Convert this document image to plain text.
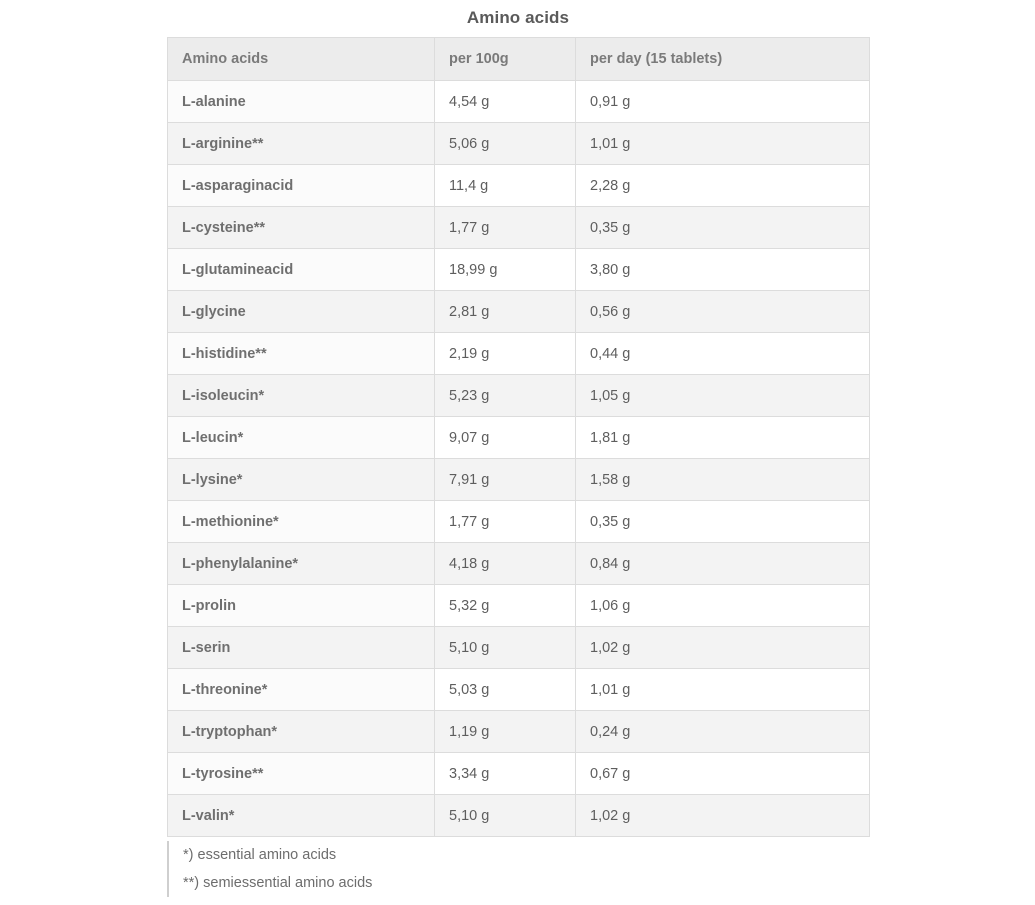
Amino acids
Amino acids	per 100g	per day (15 tablets)
L-alanine	4,54 g	0,91 g
L-arginine**	5,06 g	1,01 g
L-asparaginacid	11,4 g	2,28 g
L-cysteine**	1,77 g	0,35 g
L-glutamineacid	18,99 g	3,80 g
L-glycine	2,81 g	0,56 g
L-histidine**	2,19 g	0,44 g
L-isoleucin*	5,23 g	1,05 g
L-leucin*	9,07 g	1,81 g
L-lysine*	7,91 g	1,58 g
L-methionine*	1,77 g	0,35 g
L-phenylalanine*	4,18 g	0,84 g
L-prolin	5,32 g	1,06 g
L-serin	5,10 g	1,02 g
L-threonine*	5,03 g	1,01 g
L-tryptophan*	1,19 g	0,24 g
L-tyrosine**	3,34 g	0,67 g
L-valin*	5,10 g	1,02 g
*) essential amino acids
**) semiessential amino acids
